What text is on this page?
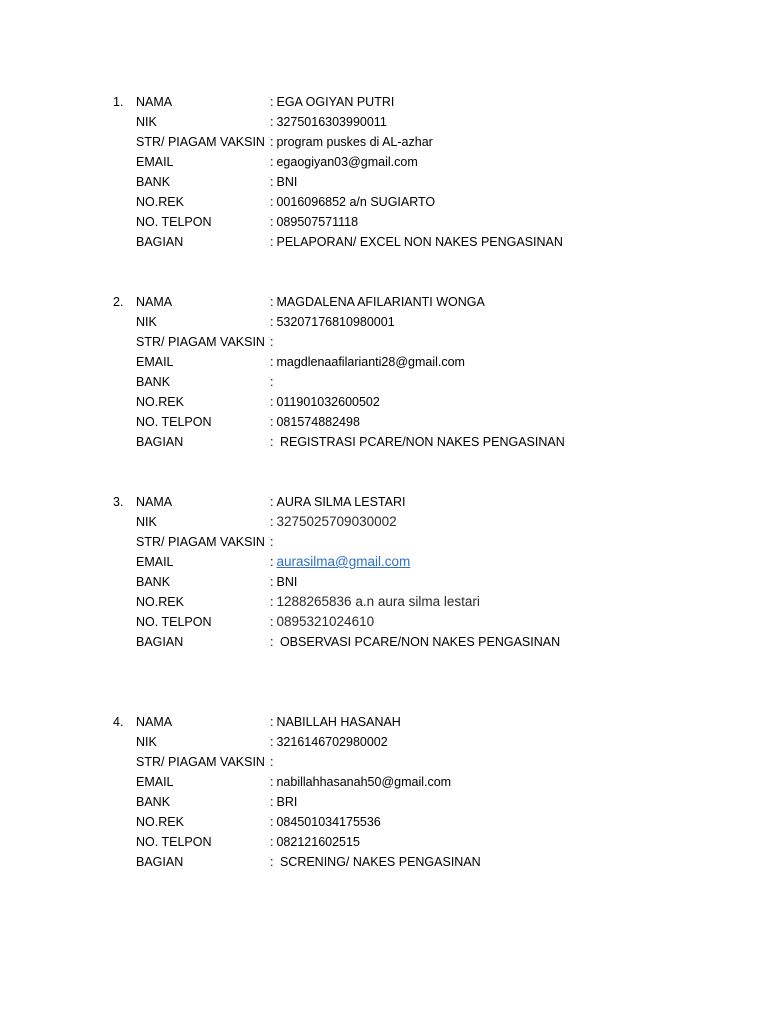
1. NAMA	: EGA OGIYAN PUTRI
NIK	: 3275016303990011
STR/ PIAGAM VAKSIN : program puskes di AL-azhar
EMAIL	: egaogiyan03@gmail.com
BANK	: BNI
NO.REK	: 0016096852 a/n SUGIARTO
NO. TELPON	: 089507571118
BAGIAN	: PELAPORAN/ EXCEL NON NAKES PENGASINAN
2. NAMA	: MAGDALENA AFILARIANTI WONGA
NIK	: 53207176810980001
STR/ PIAGAM VAKSIN :
EMAIL	: magdlenaafilarianti28@gmail.com
BANK	:
NO.REK	: 011901032600502
NO. TELPON	: 081574882498
BAGIAN	: REGISTRASI PCARE/NON NAKES PENGASINAN
3. NAMA	: AURA SILMA LESTARI
NIK	: 3275025709030002
STR/ PIAGAM VAKSIN :
EMAIL	: aurasilma@gmail.com
BANK	: BNI
NO.REK	: 1288265836 a.n aura silma lestari
NO. TELPON	: 0895321024610
BAGIAN	: OBSERVASI PCARE/NON NAKES PENGASINAN
4. NAMA	: NABILLAH HASANAH
NIK	: 3216146702980002
STR/ PIAGAM VAKSIN :
EMAIL	: nabillahhasanah50@gmail.com
BANK	: BRI
NO.REK	: 084501034175536
NO. TELPON	: 082121602515
BAGIAN	: SCRENING/ NAKES PENGASINAN
